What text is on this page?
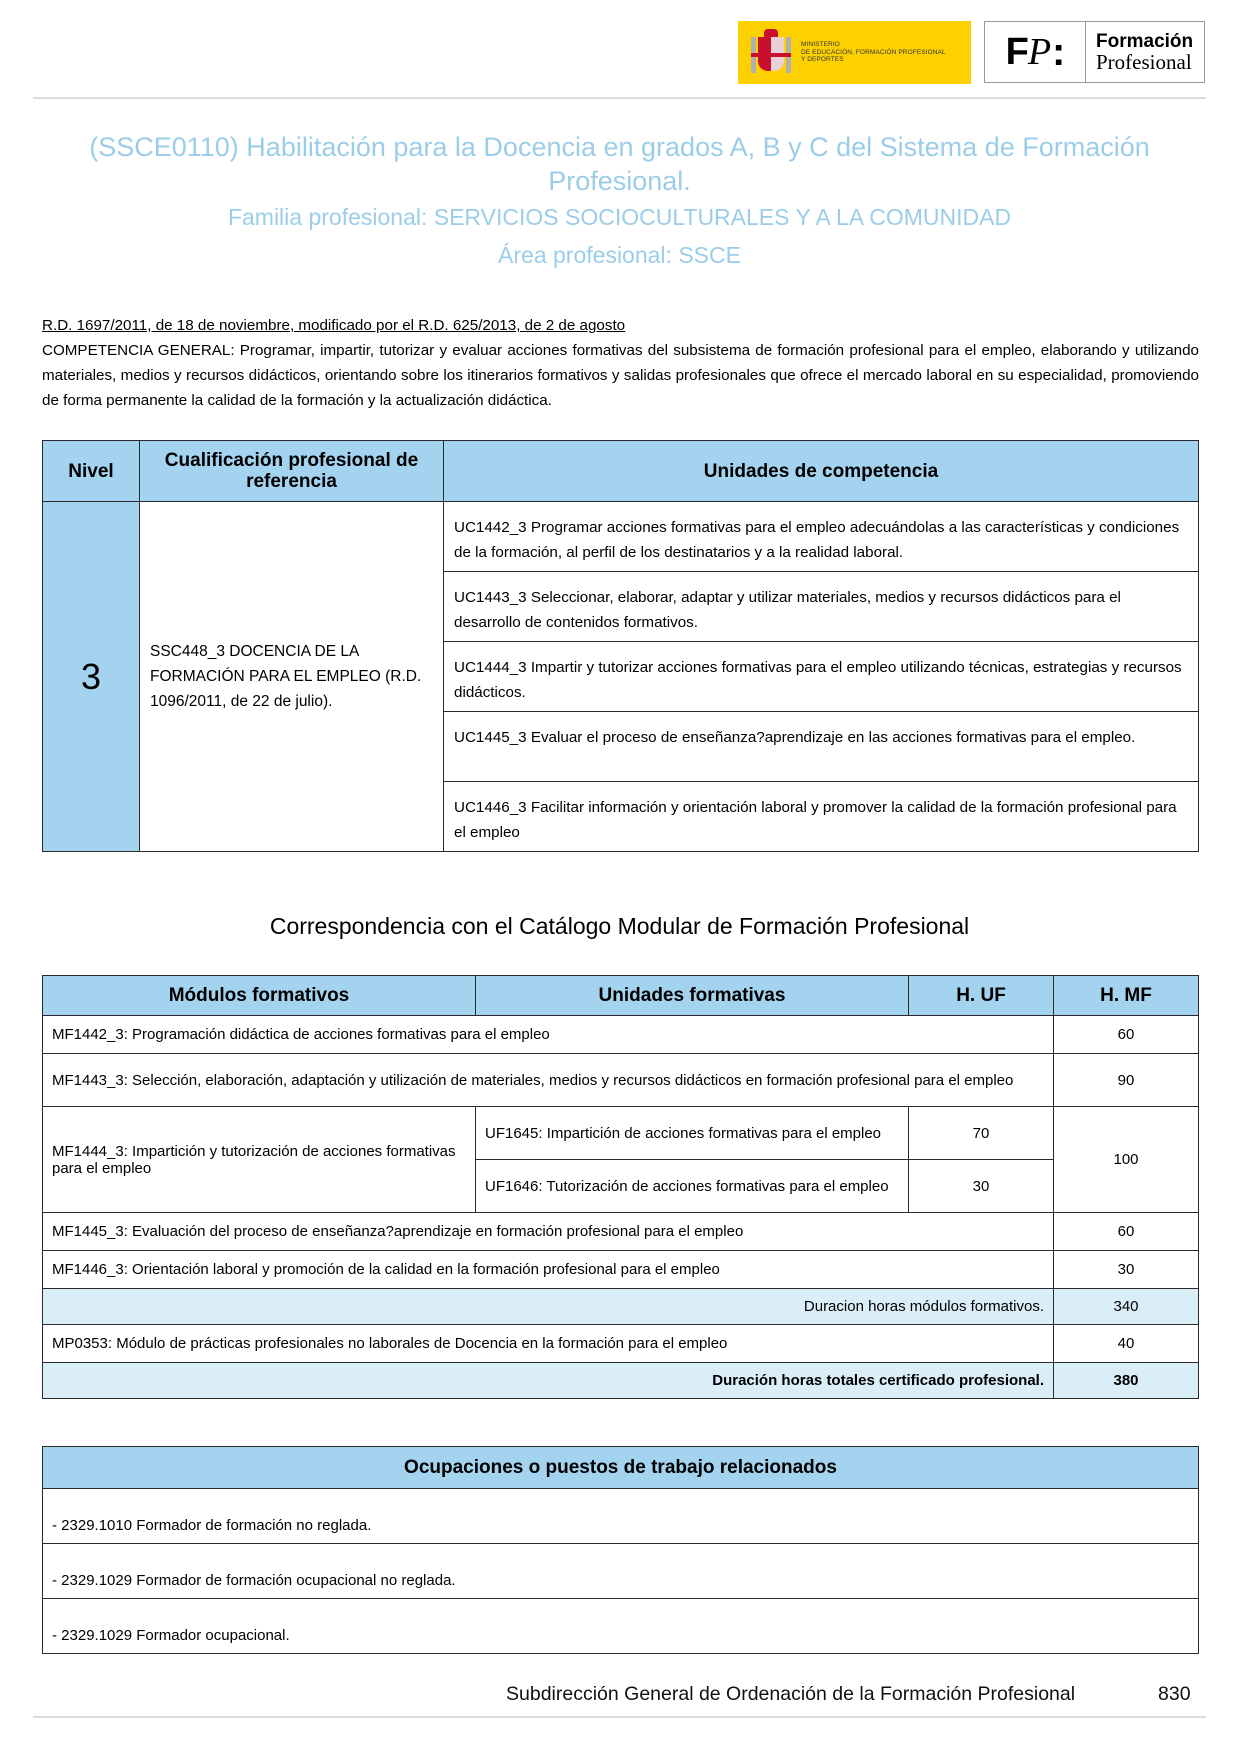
MINISTERIO
DE EDUCACIÓN, FORMACIÓN PROFESIONAL
Y DEPORTES	F P : Formación
Profesional
(SSCE0110) Habilitación para la Docencia en grados A, B y C del Sistema de Formación Profesional.
Familia profesional: SERVICIOS SOCIOCULTURALES Y A LA COMUNIDAD
Área profesional: SSCE
R.D. 1697/2011, de 18 de noviembre, modificado por el R.D. 625/2013, de 2 de agosto
COMPETENCIA GENERAL: Programar, impartir, tutorizar y evaluar acciones formativas del subsistema de formación profesional para el empleo, elaborando y utilizando materiales, medios y recursos didácticos, orientando sobre los itinerarios formativos y salidas profesionales que ofrece el mercado laboral en su especialidad, promoviendo de forma permanente la calidad de la formación y la actualización didáctica.
Nivel	Cualificación profesional de referencia	Unidades de competencia
3	SSC448_3 DOCENCIA DE LA FORMACIÓN PARA EL EMPLEO (R.D. 1096/2011, de 22 de julio).	UC1442_3 Programar acciones formativas para el empleo adecuándolas a las características y condiciones de la formación, al perfil de los destinatarios y a la realidad laboral.
		UC1443_3 Seleccionar, elaborar, adaptar y utilizar materiales, medios y recursos didácticos para el desarrollo de contenidos formativos.
		UC1444_3 Impartir y tutorizar acciones formativas para el empleo utilizando técnicas, estrategias y recursos didácticos.
		UC1445_3 Evaluar el proceso de enseñanza?aprendizaje en las acciones formativas para el empleo.
		UC1446_3 Facilitar información y orientación laboral y promover la calidad de la formación profesional para el empleo
Correspondencia con el Catálogo Modular de Formación Profesional
Módulos formativos	Unidades formativas	H. UF	H. MF
MF1442_3: Programación didáctica de acciones formativas para el empleo			60
MF1443_3: Selección, elaboración, adaptación y utilización de materiales, medios y recursos didácticos en formación profesional para el empleo			90
MF1444_3: Impartición y tutorización de acciones formativas para el empleo	UF1645: Impartición de acciones formativas para el empleo	70	100
	UF1646: Tutorización de acciones formativas para el empleo	30	
MF1445_3: Evaluación del proceso de enseñanza?aprendizaje en formación profesional para el empleo			60
MF1446_3: Orientación laboral y promoción de la calidad en la formación profesional para el empleo			30
Duracion horas módulos formativos.			340
MP0353: Módulo de prácticas profesionales no laborales de Docencia en la formación para el empleo			40
Duración horas totales certificado profesional.			380
Ocupaciones o puestos de trabajo relacionados
- 2329.1010 Formador de formación no reglada.
- 2329.1029 Formador de formación ocupacional no reglada.
- 2329.1029 Formador ocupacional.
Subdirección General de Ordenación de la Formación Profesional	830
